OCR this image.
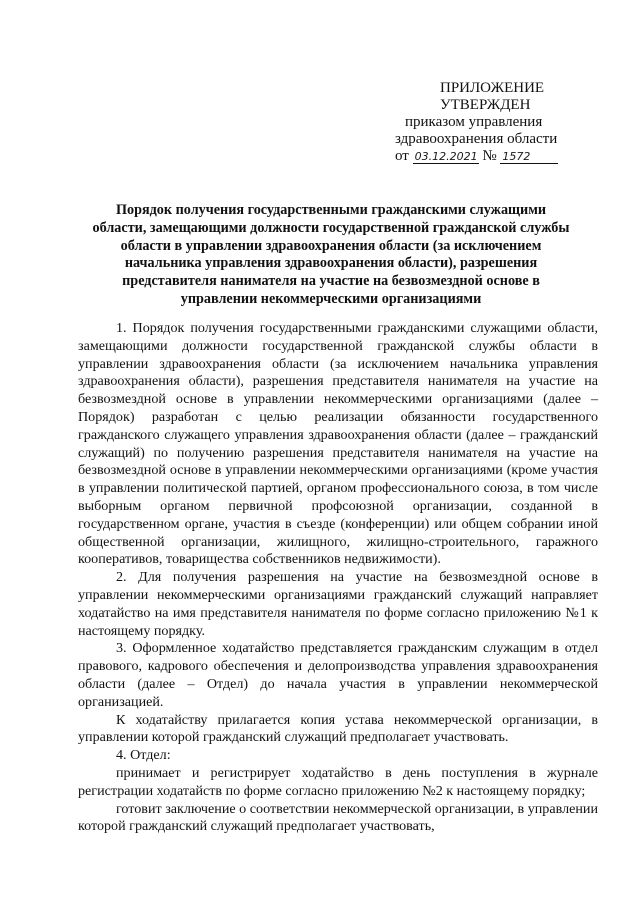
ПРИЛОЖЕНИЕ
УТВЕРЖДЕН
приказом управления
здравоохранения области
от 03.12.2021 № 1572
Порядок получения государственными гражданскими служащими области, замещающими должности государственной гражданской службы области в управлении здравоохранения области (за исключением начальника управления здравоохранения области), разрешения представителя нанимателя на участие на безвозмездной основе в управлении некоммерческими организациями

1. Порядок получения государственными гражданскими служащими области, замещающими должности государственной гражданской службы области в управлении здравоохранения области (за исключением начальника управления здравоохранения области), разрешения представителя нанимателя на участие на безвозмездной основе в управлении некоммерческими организациями (далее – Порядок) разработан с целью реализации обязанности государственного гражданского служащего управления здравоохранения области (далее – гражданский служащий) по получению разрешения представителя нанимателя на участие на безвозмездной основе в управлении некоммерческими организациями (кроме участия в управлении политической партией, органом профессионального союза, в том числе выборным органом первичной профсоюзной организации, созданной в государственном органе, участия в съезде (конференции) или общем собрании иной общественной организации, жилищного, жилищно-строительного, гаражного кооперативов, товарищества собственников недвижимости).

2. Для получения разрешения на участие на безвозмездной основе в управлении некоммерческими организациями гражданский служащий направляет ходатайство на имя представителя нанимателя по форме согласно приложению №1 к настоящему порядку.

3. Оформленное ходатайство представляется гражданским служащим в отдел правового, кадрового обеспечения и делопроизводства управления здравоохранения области (далее – Отдел) до начала участия в управлении некоммерческой организацией.

К ходатайству прилагается копия устава некоммерческой организации, в управлении которой гражданский служащий предполагает участвовать.

4. Отдел:

принимает и регистрирует ходатайство в день поступления в журнале регистрации ходатайств по форме согласно приложению №2 к настоящему порядку;

готовит заключение о соответствии некоммерческой организации, в управлении которой гражданский служащий предполагает участвовать,
